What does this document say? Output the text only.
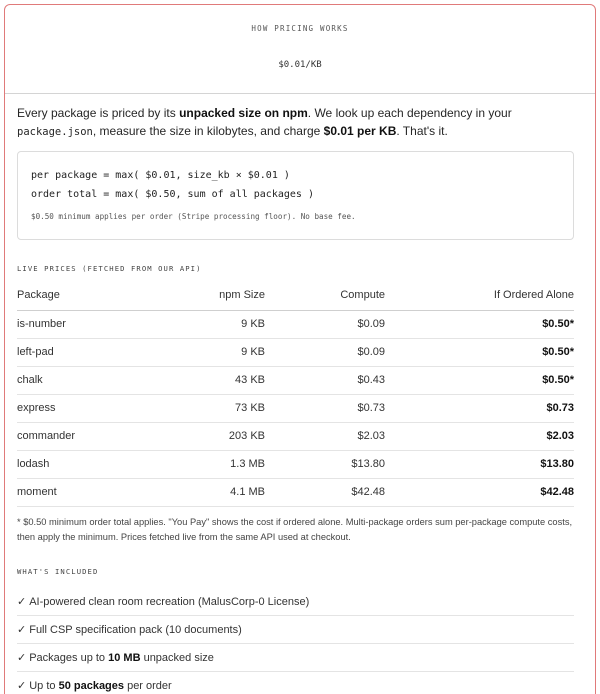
HOW PRICING WORKS
$0.01/KB

Every package is priced by its unpacked size on npm. We look up each dependency in your package.json, measure the size in kilobytes, and charge $0.01 per KB. That's it.

per package = max( $0.01, size_kb × $0.01 )
order total = max( $0.50, sum of all packages )
$0.50 minimum applies per order (Stripe processing floor). No base fee.
LIVE PRICES (FETCHED FROM OUR API)
Package	npm Size	Compute	If Ordered Alone
is-number	9 KB	$0.09	$0.50*
left-pad	9 KB	$0.09	$0.50*
chalk	43 KB	$0.43	$0.50*
express	73 KB	$0.73	$0.73
commander	203 KB	$2.03	$2.03
lodash	1.3 MB	$13.80	$13.80
moment	4.1 MB	$42.48	$42.48

* $0.50 minimum order total applies. "You Pay" shows the cost if ordered alone. Multi-package orders sum per-package compute costs, then apply the minimum. Prices fetched live from the same API used at checkout.

WHAT'S INCLUDED
✓ AI-powered clean room recreation (MalusCorp-0 License)
✓ Full CSP specification pack (10 documents)
✓ Packages up to 10 MB unpacked size
✓ Up to 50 packages per order
